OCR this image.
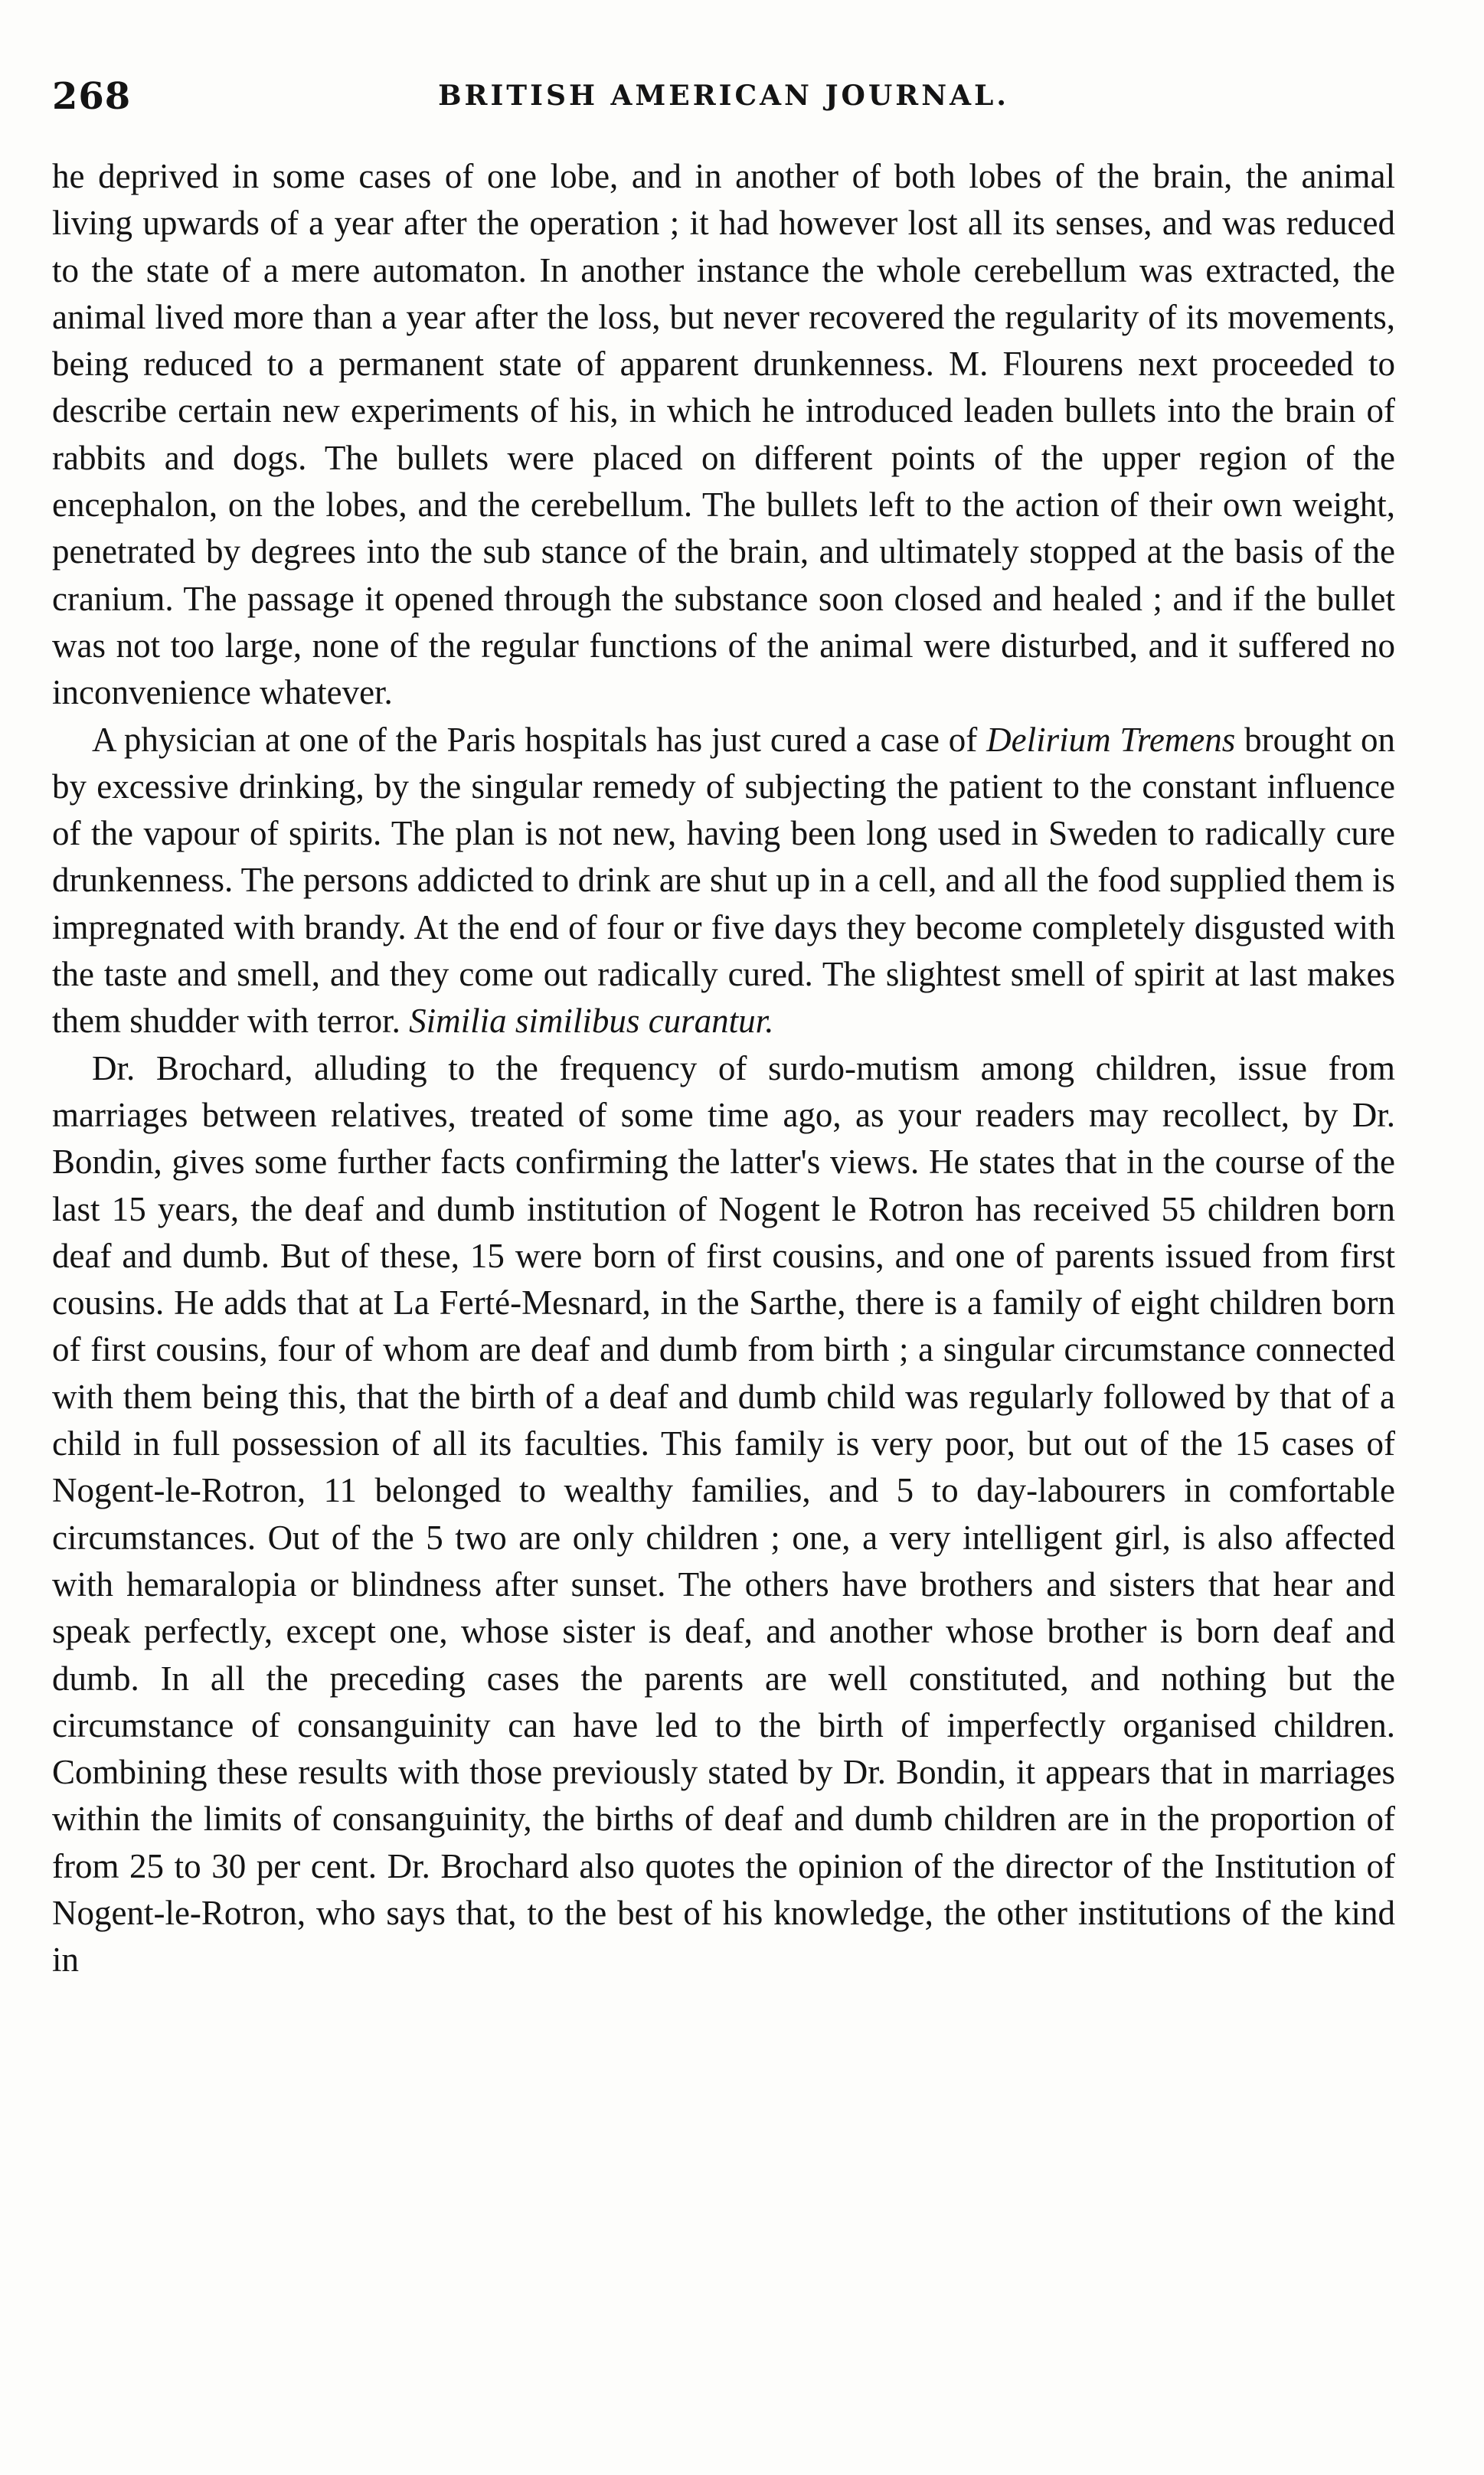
268	BRITISH AMERICAN JOURNAL.

he deprived in some cases of one lobe, and in another of both lobes of the brain, the animal living upwards of a year after the operation ; it had however lost all its senses, and was reduced to the state of a mere automaton. In another instance the whole cerebellum was extracted, the animal lived more than a year after the loss, but never recovered the regularity of its movements, being reduced to a permanent state of apparent drunkenness. M. Flourens next proceeded to describe certain new experiments of his, in which he introduced leaden bullets into the brain of rabbits and dogs. The bullets were placed on different points of the upper region of the encephalon, on the lobes, and the cerebellum. The bullets left to the action of their own weight, penetrated by degrees into the sub stance of the brain, and ultimately stopped at the basis of the cranium. The passage it opened through the substance soon closed and healed ; and if the bullet was not too large, none of the regular functions of the animal were disturbed, and it suffered no inconvenience whatever.

A physician at one of the Paris hospitals has just cured a case of Delirium Tremens brought on by excessive drinking, by the singular remedy of subjecting the patient to the constant influence of the vapour of spirits. The plan is not new, having been long used in Sweden to radically cure drunkenness. The persons addicted to drink are shut up in a cell, and all the food supplied them is impregnated with brandy. At the end of four or five days they become completely disgusted with the taste and smell, and they come out radically cured. The slightest smell of spirit at last makes them shudder with terror. Similia similibus curantur.

Dr. Brochard, alluding to the frequency of surdo-mutism among children, issue from marriages between relatives, treated of some time ago, as your readers may recollect, by Dr. Bondin, gives some further facts confirming the latter's views. He states that in the course of the last 15 years, the deaf and dumb institution of Nogent le Rotron has received 55 children born deaf and dumb. But of these, 15 were born of first cousins, and one of parents issued from first cousins. He adds that at La Ferté-Mesnard, in the Sarthe, there is a family of eight children born of first cousins, four of whom are deaf and dumb from birth ; a singular circumstance connected with them being this, that the birth of a deaf and dumb child was regularly followed by that of a child in full possession of all its faculties. This family is very poor, but out of the 15 cases of Nogent-le-Rotron, 11 belonged to wealthy families, and 5 to day-labourers in comfortable circumstances. Out of the 5 two are only children ; one, a very intelligent girl, is also affected with hemaralopia or blindness after sunset. The others have brothers and sisters that hear and speak perfectly, except one, whose sister is deaf, and another whose brother is born deaf and dumb. In all the preceding cases the parents are well constituted, and nothing but the circumstance of consanguinity can have led to the birth of imperfectly organised children. Combining these results with those previously stated by Dr. Bondin, it appears that in marriages within the limits of consanguinity, the births of deaf and dumb children are in the proportion of from 25 to 30 per cent. Dr. Brochard also quotes the opinion of the director of the Institution of Nogent-le-Rotron, who says that, to the best of his knowledge, the other institutions of the kind in
